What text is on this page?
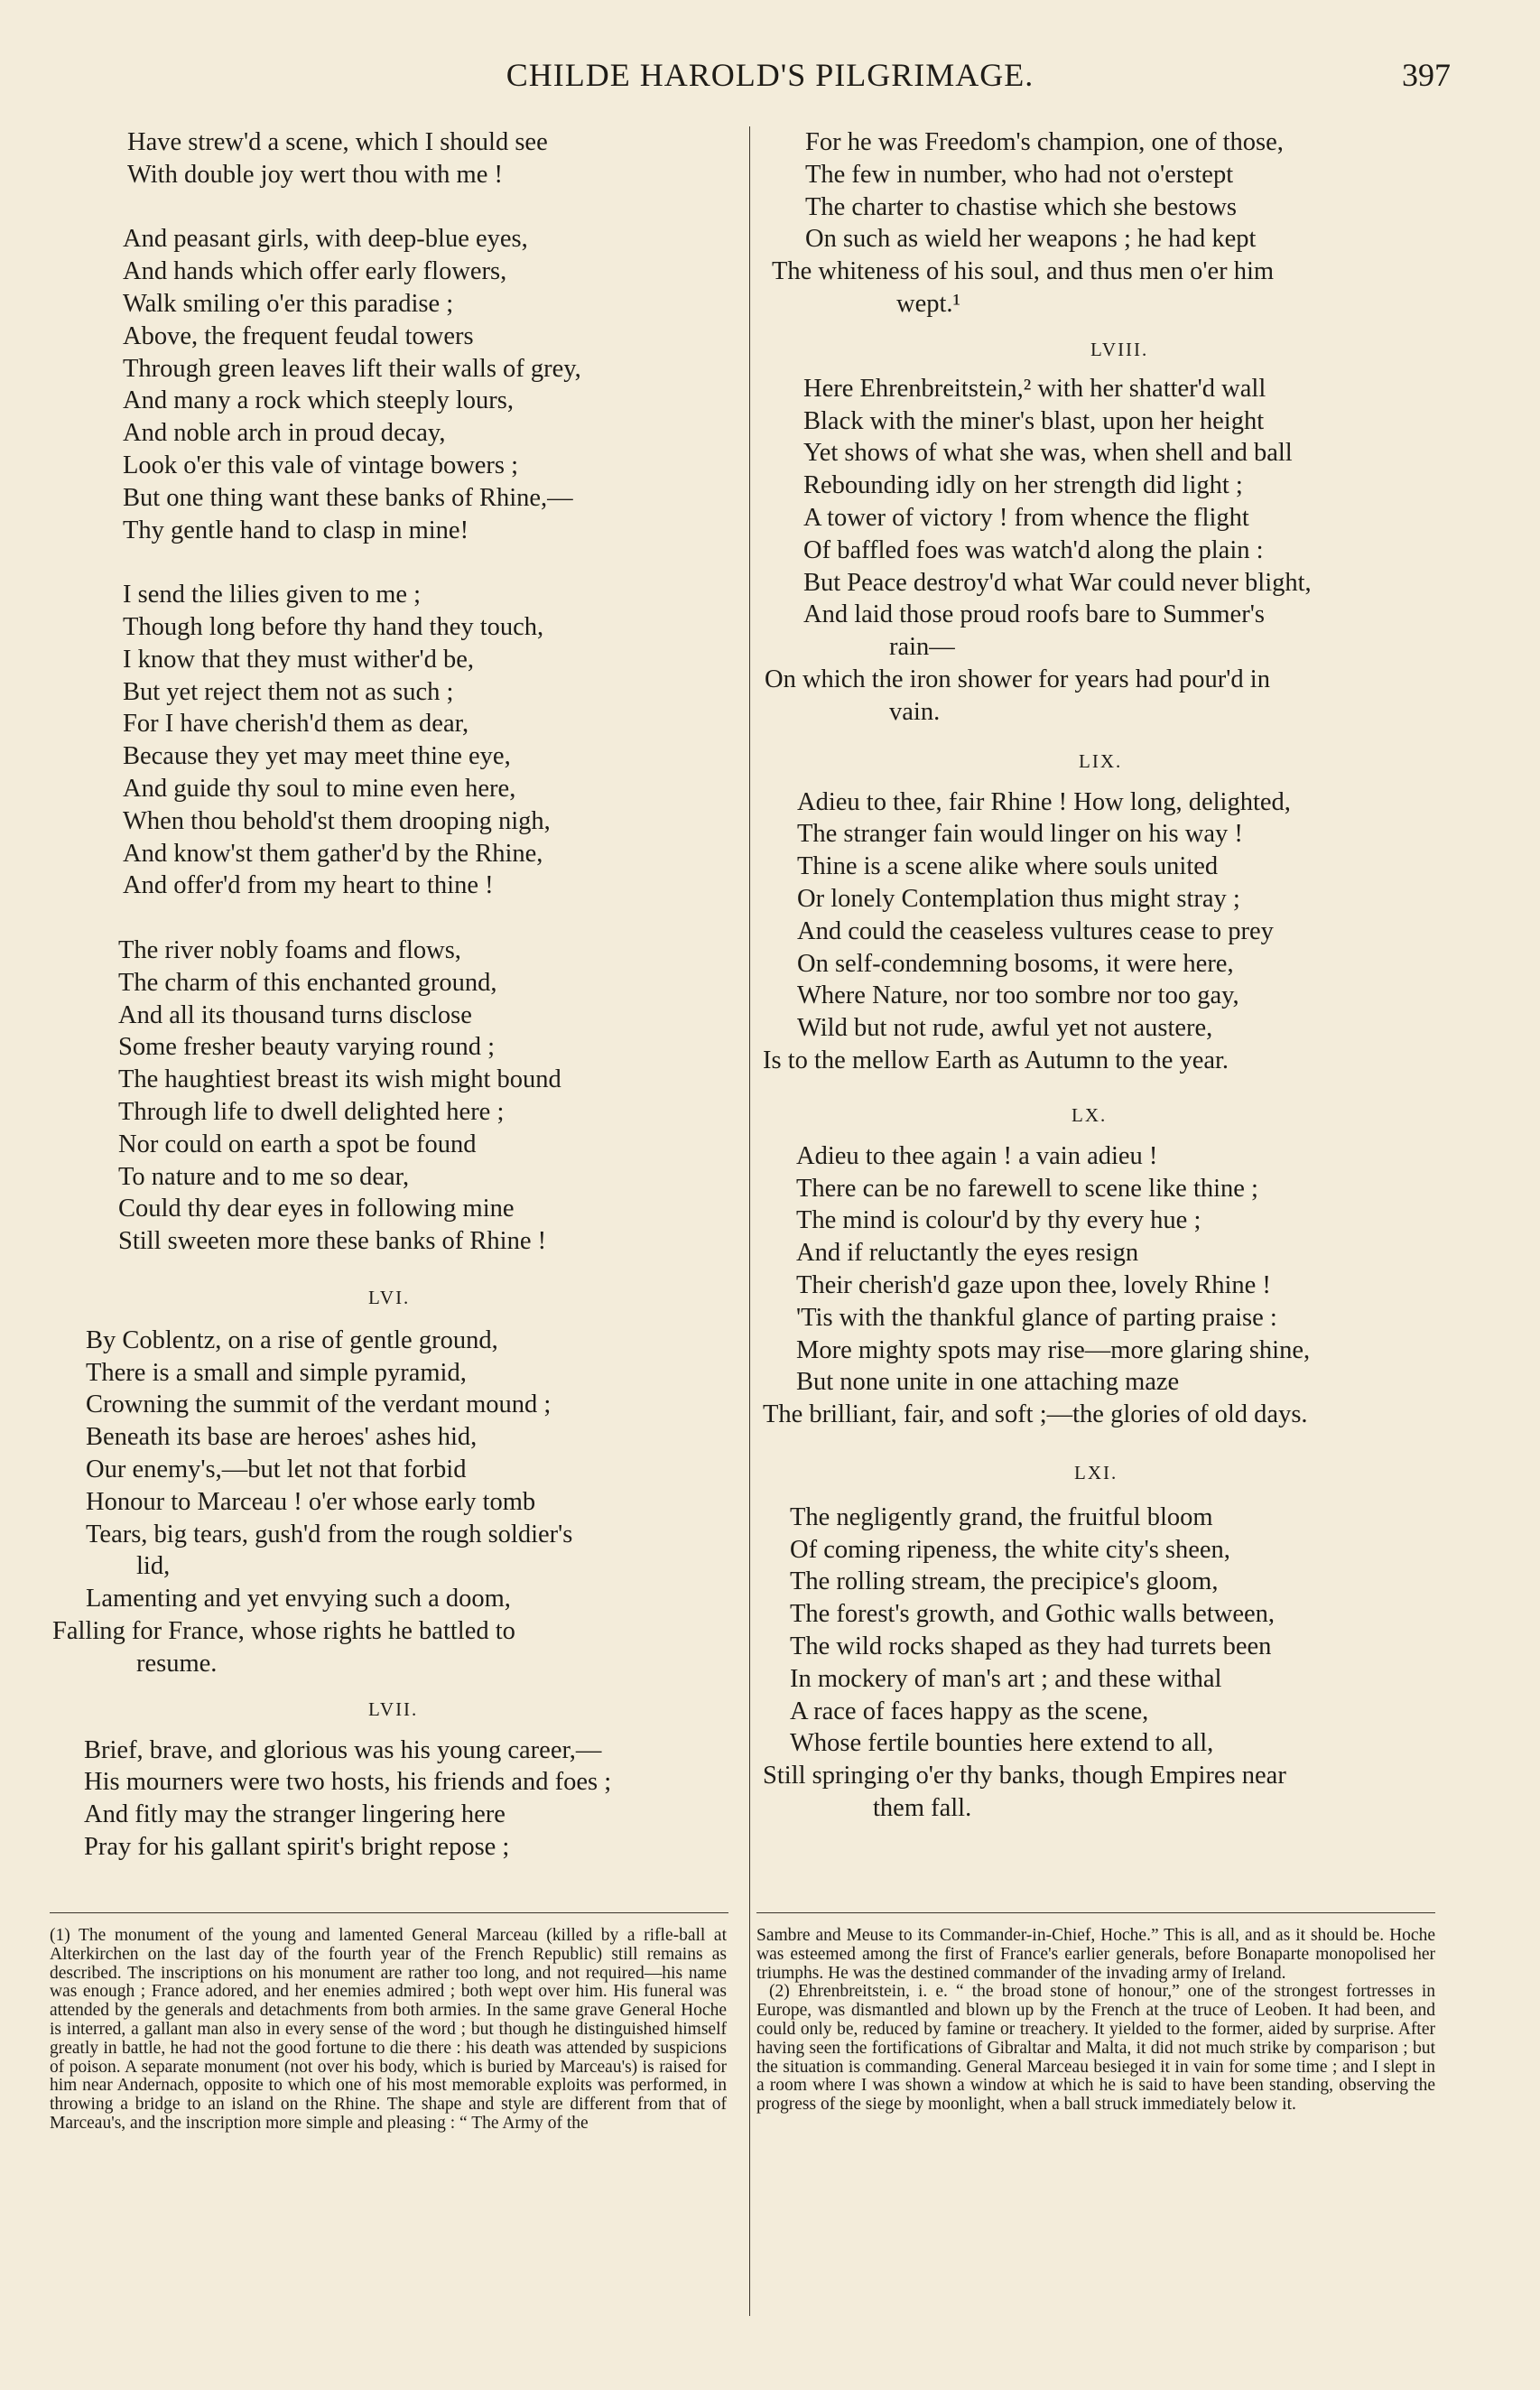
CHILDE HAROLD'S PILGRIMAGE.	397
Have strew'd a scene, which I should see
With double joy wert thou with me !
And peasant girls, with deep-blue eyes,
And hands which offer early flowers,
Walk smiling o'er this paradise ;
Above, the frequent feudal towers
Through green leaves lift their walls of grey,
And many a rock which steeply lours,
And noble arch in proud decay,
Look o'er this vale of vintage bowers ;
But one thing want these banks of Rhine,—
Thy gentle hand to clasp in mine!
I send the lilies given to me ;
Though long before thy hand they touch,
I know that they must wither'd be,
But yet reject them not as such ;
For I have cherish'd them as dear,
Because they yet may meet thine eye,
And guide thy soul to mine even here,
When thou behold'st them drooping nigh,
And know'st them gather'd by the Rhine,
And offer'd from my heart to thine !
The river nobly foams and flows,
The charm of this enchanted ground,
And all its thousand turns disclose
Some fresher beauty varying round ;
The haughtiest breast its wish might bound
Through life to dwell delighted here ;
Nor could on earth a spot be found
To nature and to me so dear,
Could thy dear eyes in following mine
Still sweeten more these banks of Rhine !
LVI.
By Coblentz, on a rise of gentle ground,
There is a small and simple pyramid,
Crowning the summit of the verdant mound ;
Beneath its base are heroes' ashes hid,
Our enemy's,—but let not that forbid
Honour to Marceau ! o'er whose early tomb
Tears, big tears, gush'd from the rough soldier's
lid,
Lamenting and yet envying such a doom,
Falling for France, whose rights he battled to
resume.
LVII.
Brief, brave, and glorious was his young career,—
His mourners were two hosts, his friends and foes ;
And fitly may the stranger lingering here
Pray for his gallant spirit's bright repose ;
For he was Freedom's champion, one of those,
The few in number, who had not o'erstept
The charter to chastise which she bestows
On such as wield her weapons ; he had kept
The whiteness of his soul, and thus men o'er him
wept.¹
LVIII.
Here Ehrenbreitstein,² with her shatter'd wall
Black with the miner's blast, upon her height
Yet shows of what she was, when shell and ball
Rebounding idly on her strength did light ;
A tower of victory ! from whence the flight
Of baffled foes was watch'd along the plain :
But Peace destroy'd what War could never blight,
And laid those proud roofs bare to Summer's
rain—
On which the iron shower for years had pour'd in
vain.
LIX.
Adieu to thee, fair Rhine ! How long, delighted,
The stranger fain would linger on his way !
Thine is a scene alike where souls united
Or lonely Contemplation thus might stray ;
And could the ceaseless vultures cease to prey
On self-condemning bosoms, it were here,
Where Nature, nor too sombre nor too gay,
Wild but not rude, awful yet not austere,
Is to the mellow Earth as Autumn to the year.
LX.
Adieu to thee again ! a vain adieu !
There can be no farewell to scene like thine ;
The mind is colour'd by thy every hue ;
And if reluctantly the eyes resign
Their cherish'd gaze upon thee, lovely Rhine !
'Tis with the thankful glance of parting praise :
More mighty spots may rise—more glaring shine,
But none unite in one attaching maze
The brilliant, fair, and soft ;—the glories of old days.
LXI.
The negligently grand, the fruitful bloom
Of coming ripeness, the white city's sheen,
The rolling stream, the precipice's gloom,
The forest's growth, and Gothic walls between,
The wild rocks shaped as they had turrets been
In mockery of man's art ; and these withal
A race of faces happy as the scene,
Whose fertile bounties here extend to all,
Still springing o'er thy banks, though Empires near
them fall.

(1) The monument of the young and lamented General Marceau (killed by a rifle-ball at Alterkirchen on the last day of the fourth year of the French Republic) still remains as described. The inscriptions on his monument are rather too long, and not required—his name was enough ; France adored, and her enemies admired ; both wept over him. His funeral was attended by the generals and detachments from both armies. In the same grave General Hoche is interred, a gallant man also in every sense of the word ; but though he distinguished himself greatly in battle, he had not the good fortune to die there : his death was attended by suspicions of poison. A separate monument (not over his body, which is buried by Marceau's) is raised for him near Andernach, opposite to which one of his most memorable exploits was performed, in throwing a bridge to an island on the Rhine. The shape and style are different from that of Marceau's, and the inscription more simple and pleasing : “ The Army of the

Sambre and Meuse to its Commander-in-Chief, Hoche.” This is all, and as it should be. Hoche was esteemed among the first of France's earlier generals, before Bonaparte monopolised her triumphs. He was the destined commander of the invading army of Ireland.

(2) Ehrenbreitstein, i. e. “ the broad stone of honour,” one of the strongest fortresses in Europe, was dismantled and blown up by the French at the truce of Leoben. It had been, and could only be, reduced by famine or treachery. It yielded to the former, aided by surprise. After having seen the fortifications of Gibraltar and Malta, it did not much strike by comparison ; but the situation is commanding. General Marceau besieged it in vain for some time ; and I slept in a room where I was shown a window at which he is said to have been standing, observing the progress of the siege by moonlight, when a ball struck immediately below it.
